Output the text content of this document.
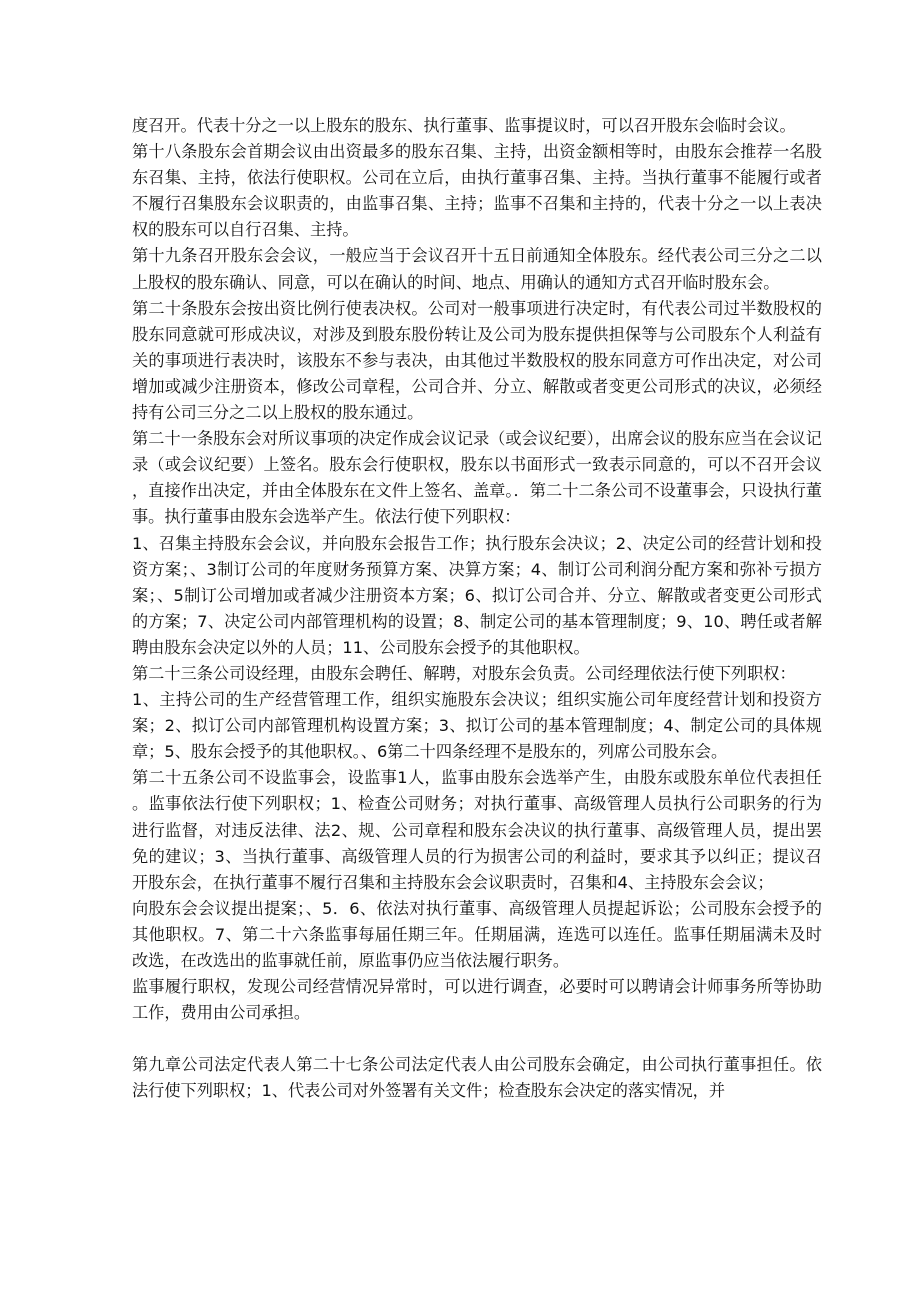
度召开。代表十分之一以上股东的股东、执行董事、监事提议时，可以召开股东会临时会议。

第十八条股东会首期会议由出资最多的股东召集、主持，出资金额相等时，由股东会推荐一名股东召集、主持，依法行使职权。公司在立后，由执行董事召集、主持。当执行董事不能履行或者不履行召集股东会议职责的，由监事召集、主持；监事不召集和主持的，代表十分之一以上表决权的股东可以自行召集、主持。

第十九条召开股东会会议，一般应当于会议召开十五日前通知全体股东。经代表公司三分之二以上股权的股东确认、同意，可以在确认的时间、地点、用确认的通知方式召开临时股东会。

第二十条股东会按出资比例行使表决权。公司对一般事项进行决定时，有代表公司过半数股权的股东同意就可形成决议，对涉及到股东股份转让及公司为股东提供担保等与公司股东个人利益有关的事项进行表决时，该股东不参与表决，由其他过半数股权的股东同意方可作出决定，对公司增加或减少注册资本，修改公司章程，公司合并、分立、解散或者变更公司形式的决议，必须经持有公司三分之二以上股权的股东通过。

第二十一条股东会对所议事项的决定作成会议记录（或会议纪要），出席会议的股东应当在会议记录（或会议纪要）上签名。股东会行使职权，股东以书面形式一致表示同意的，可以不召开会议，直接作出决定，并由全体股东在文件上签名、盖章。．第二十二条公司不设董事会，只设执行董事。执行董事由股东会选举产生。依法行使下列职权：

1、召集主持股东会会议，并向股东会报告工作；执行股东会决议；2、决定公司的经营计划和投资方案；、3制订公司的年度财务预算方案、决算方案；4、制订公司利润分配方案和弥补亏损方案；、5制订公司增加或者减少注册资本方案；6、拟订公司合并、分立、解散或者变更公司形式的方案；7、决定公司内部管理机构的设置；8、制定公司的基本管理制度；9、10、聘任或者解聘由股东会决定以外的人员；11、公司股东会授予的其他职权。

第二十三条公司设经理，由股东会聘任、解聘，对股东会负责。公司经理依法行使下列职权：

1、主持公司的生产经营管理工作，组织实施股东会决议；组织实施公司年度经营计划和投资方案；2、拟订公司内部管理机构设置方案；3、拟订公司的基本管理制度；4、制定公司的具体规章；5、股东会授予的其他职权。、6第二十四条经理不是股东的，列席公司股东会。

第二十五条公司不设监事会，设监事1人，监事由股东会选举产生，由股东或股东单位代表担任。监事依法行使下列职权；1、检查公司财务；对执行董事、高级管理人员执行公司职务的行为进行监督，对违反法律、法2、规、公司章程和股东会决议的执行董事、高级管理人员，提出罢免的建议；3、当执行董事、高级管理人员的行为损害公司的利益时，要求其予以纠正；提议召开股东会，在执行董事不履行召集和主持股东会会议职责时，召集和4、主持股东会会议；

向股东会会议提出提案；、5．6、依法对执行董事、高级管理人员提起诉讼；公司股东会授予的其他职权。7、第二十六条监事每届任期三年。任期届满，连选可以连任。监事任期届满未及时改选，在改选出的监事就任前，原监事仍应当依法履行职务。

监事履行职权，发现公司经营情况异常时，可以进行调查，必要时可以聘请会计师事务所等协助工作，费用由公司承担。

第九章公司法定代表人第二十七条公司法定代表人由公司股东会确定，由公司执行董事担任。依法行使下列职权；1、代表公司对外签署有关文件；检查股东会决定的落实情况，并
